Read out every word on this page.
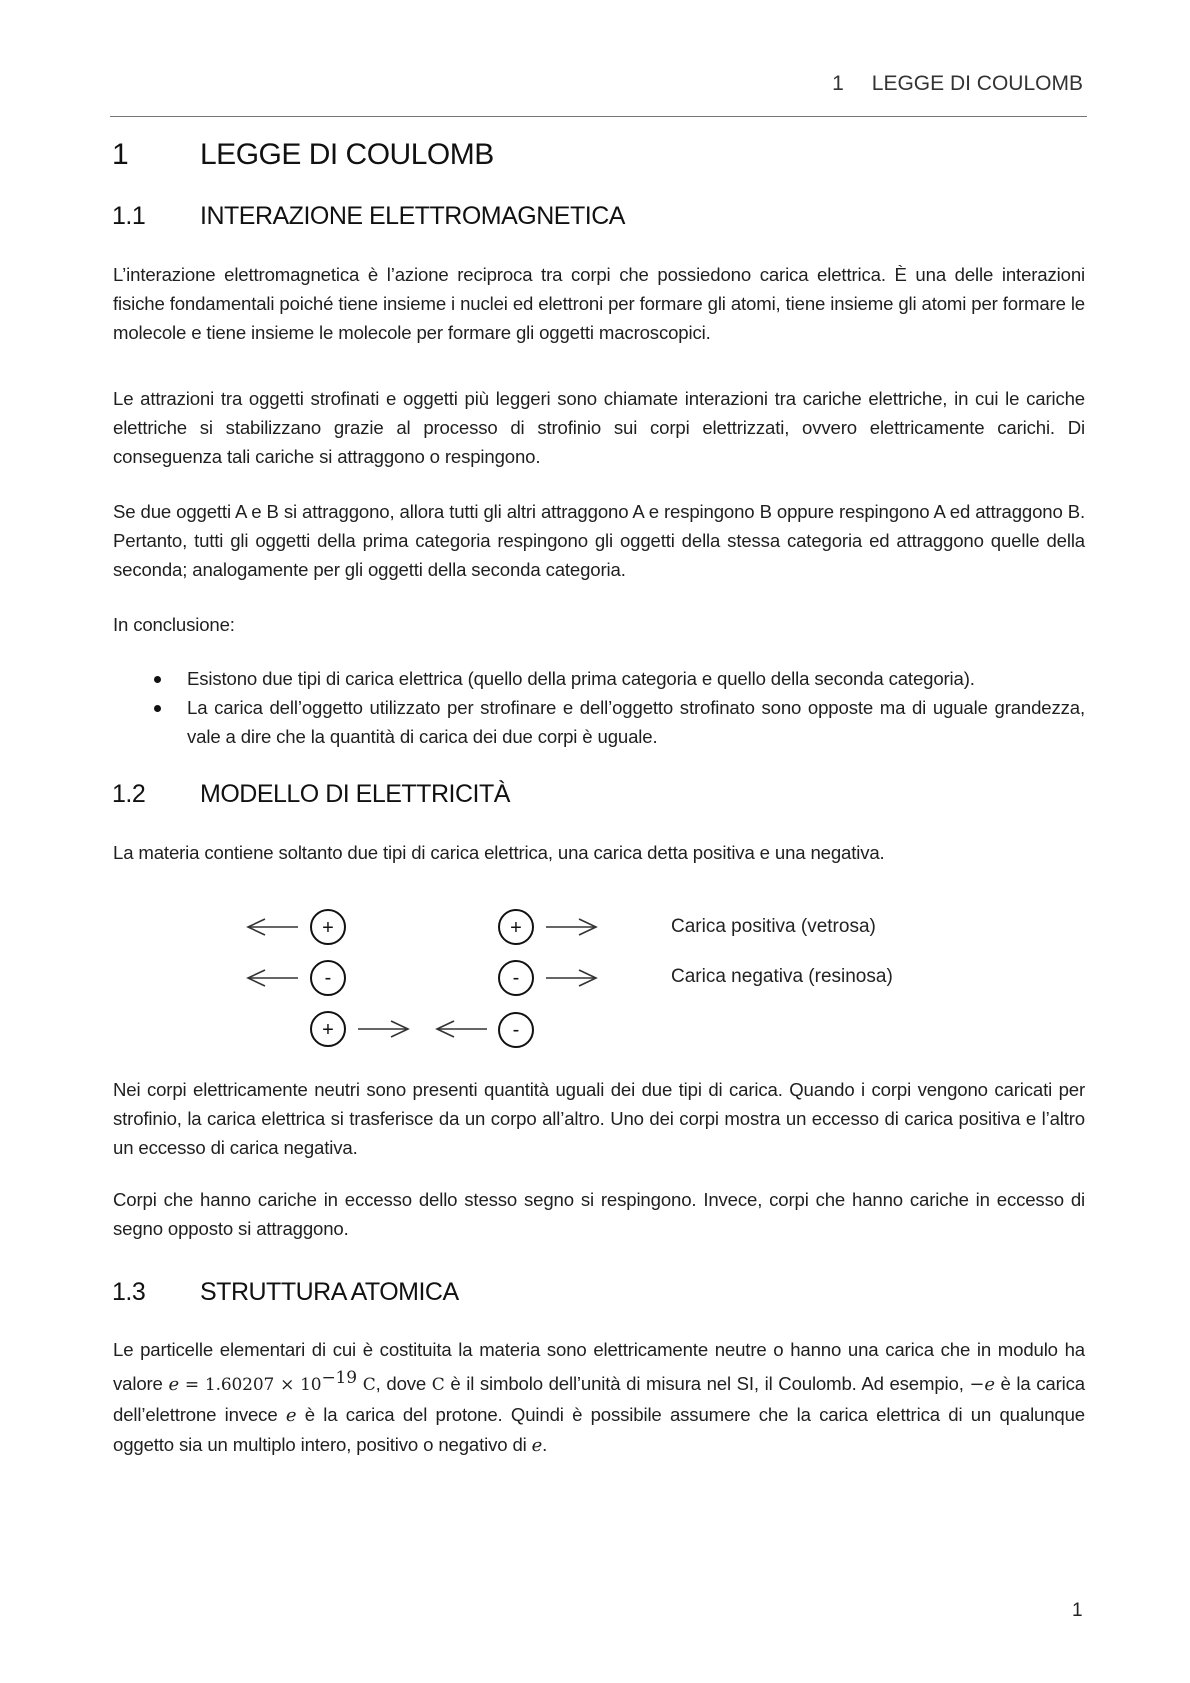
1 LEGGE DI COULOMB
1 LEGGE DI COULOMB
1.1 INTERAZIONE ELETTROMAGNETICA

L’interazione elettromagnetica è l’azione reciproca tra corpi che possiedono carica elettrica. È una delle interazioni fisiche fondamentali poiché tiene insieme i nuclei ed elettroni per formare gli atomi, tiene insieme gli atomi per formare le molecole e tiene insieme le molecole per formare gli oggetti macroscopici.

Le attrazioni tra oggetti strofinati e oggetti più leggeri sono chiamate interazioni tra cariche elettriche, in cui le cariche elettriche si stabilizzano grazie al processo di strofinio sui corpi elettrizzati, ovvero elettricamente carichi. Di conseguenza tali cariche si attraggono o respingono.

Se due oggetti A e B si attraggono, allora tutti gli altri attraggono A e respingono B oppure respingono A ed attraggono B. Pertanto, tutti gli oggetti della prima categoria respingono gli oggetti della stessa categoria ed attraggono quelle della seconda; analogamente per gli oggetti della seconda categoria.

In conclusione:

Esistono due tipi di carica elettrica (quello della prima categoria e quello della seconda categoria).
La carica dell’oggetto utilizzato per strofinare e dell’oggetto strofinato sono opposte ma di uguale grandezza, vale a dire che la quantità di carica dei due corpi è uguale.
1.2 MODELLO DI ELETTRICITÀ

La materia contiene soltanto due tipi di carica elettrica, una carica detta positiva e una negativa.

+	+
-	-
+	-
Carica positiva (vetrosa)
Carica negativa (resinosa)

Nei corpi elettricamente neutri sono presenti quantità uguali dei due tipi di carica. Quando i corpi vengono caricati per strofinio, la carica elettrica si trasferisce da un corpo all’altro. Uno dei corpi mostra un eccesso di carica positiva e l’altro un eccesso di carica negativa.

Corpi che hanno cariche in eccesso dello stesso segno si respingono. Invece, corpi che hanno cariche in eccesso di segno opposto si attraggono.

1.3 STRUTTURA ATOMICA

Le particelle elementari di cui è costituita la materia sono elettricamente neutre o hanno una carica che in modulo ha valore $e = 1.60207 \times 10^{-19}$ C, dove C è il simbolo dell’unità di misura nel SI, il Coulomb. Ad esempio, −e è la carica dell’elettrone invece e è la carica del protone. Quindi è possibile assumere che la carica elettrica di un qualunque oggetto sia un multiplo intero, positivo o negativo di e.

1
